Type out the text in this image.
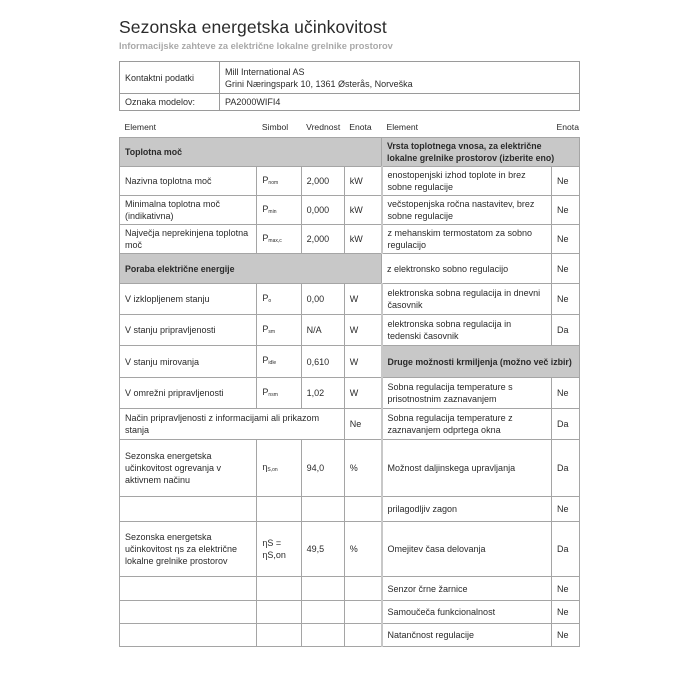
Sezonska energetska učinkovitost
Informacijske zahteve za električne lokalne grelnike prostorov
Kontaktni podatki	Mill International AS
Grini Næringspark 10, 1361 Østerås, Norveška

Oznaka modelov:	PA2000WIFI4
Element	Simbol	Vrednost	Enota	Element	Enota
Toplotna moč				Vrsta toplotnega vnosa, za električne lokalne grelnike prostorov (izberite eno)	
Nazivna toplotna moč	$P_{nom}$	2,000	kW	enostopenjski izhod toplote in brez sobne regulacije	Ne
Minimalna toplotna moč (indikativna)	$P_{min}$	0,000	kW	večstopenjska ročna nastavitev, brez sobne regulacije	Ne
Največja neprekinjena toplotna moč	$P_{max,c}$	2,000	kW	z mehanskim termostatom za sobno regulacijo	Ne
Poraba električne energije				z elektronsko sobno regulacijo	Ne
V izklopljenem stanju	$P_o$	0,00	W	elektronska sobna regulacija in dnevni časovnik	Ne
V stanju pripravljenosti	$P_{sm}$	N/A	W	elektronska sobna regulacija in tedenski časovnik	Da
V stanju mirovanja	$P_{idle}$	0,610	W	Druge možnosti krmiljenja (možno več izbir)	
V omrežni pripravljenosti	$P_{nsm}$	1,02	W	Sobna regulacija temperature s prisotnostnim zaznavanjem	Ne
Način pripravljenosti z informacijami ali prikazom stanja			Ne	Sobna regulacija temperature z zaznavanjem odprtega okna	Da
Sezonska energetska učinkovitost ogrevanja v aktivnem načinu	$\eta_{S,on}$	94,0	%	Možnost daljinskega upravljanja	Da
				prilagodljiv zagon	Ne
Sezonska energetska učinkovitost ηs za električne lokalne grelnike prostorov	ηS = ηS,on	49,5	%	Omejitev časa delovanja	Da
				Senzor črne žarnice	Ne
				Samoučeča funkcionalnost	Ne
				Natančnost regulacije	Ne
